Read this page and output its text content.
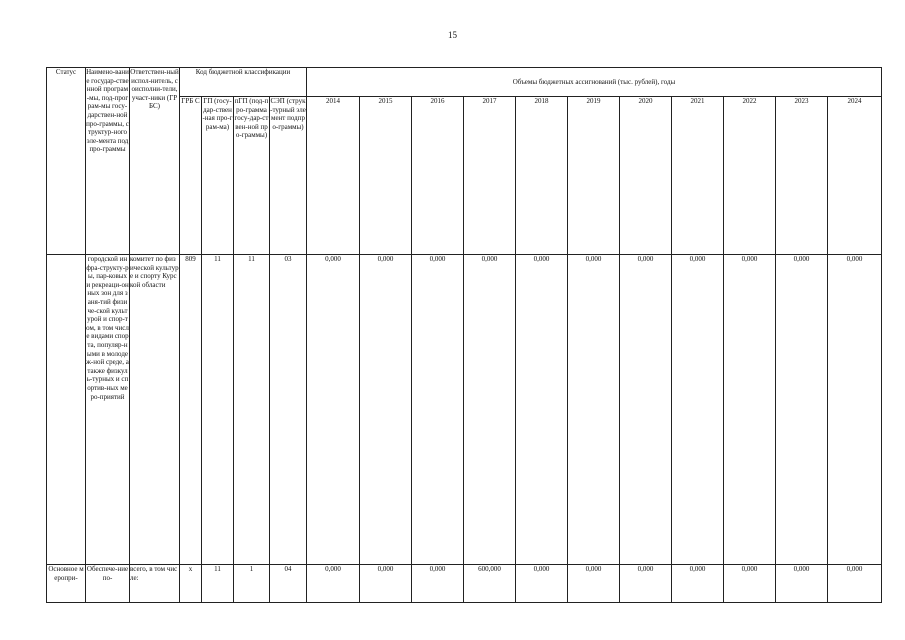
15
Статус	Наимено-вание государ-ственной програм-мы, под-програм-мы госу-дарствен-ной про-граммы, структур-ного эле-мента подпро-граммы	Ответствен-ный испол-нитель, соисполни-тели, участ-ники (ГРБС)	Код бюджетной классификации				Объемы бюджетных ассигнований (тыс. рублей), годы										
			ГРБ С	ГП (госу-дар-ствен-ная про-грам-ма)	пГП (под-про-грамма госу-дар-ствен-ной про-граммы)	СЭП (струк-турный элемент подпро-граммы)	2014	2015	2016	2017	2018	2019	2020	2021	2022	2023	2024
	городской инфра-структу-ры, пар-ковых и рекреаци-онных зон для заня-тий физиче-ской культурой и спор-том, в том числе видами спорта, популяр-ными в молодеж-ной среде, а также физкуль-турных и спортив-ных меро-приятий	комитет по физической культуре и спорту Курской области	809	11	11	03	0,000	0,000	0,000	0,000	0,000	0,000	0,000	0,000	0,000	0,000	0,000
Основное меропри-	Обеспече-ние по-	всего, в том числе:	х	11	1	04	0,000	0,000	0,000	600,000	0,000	0,000	0,000	0,000	0,000	0,000	0,000
